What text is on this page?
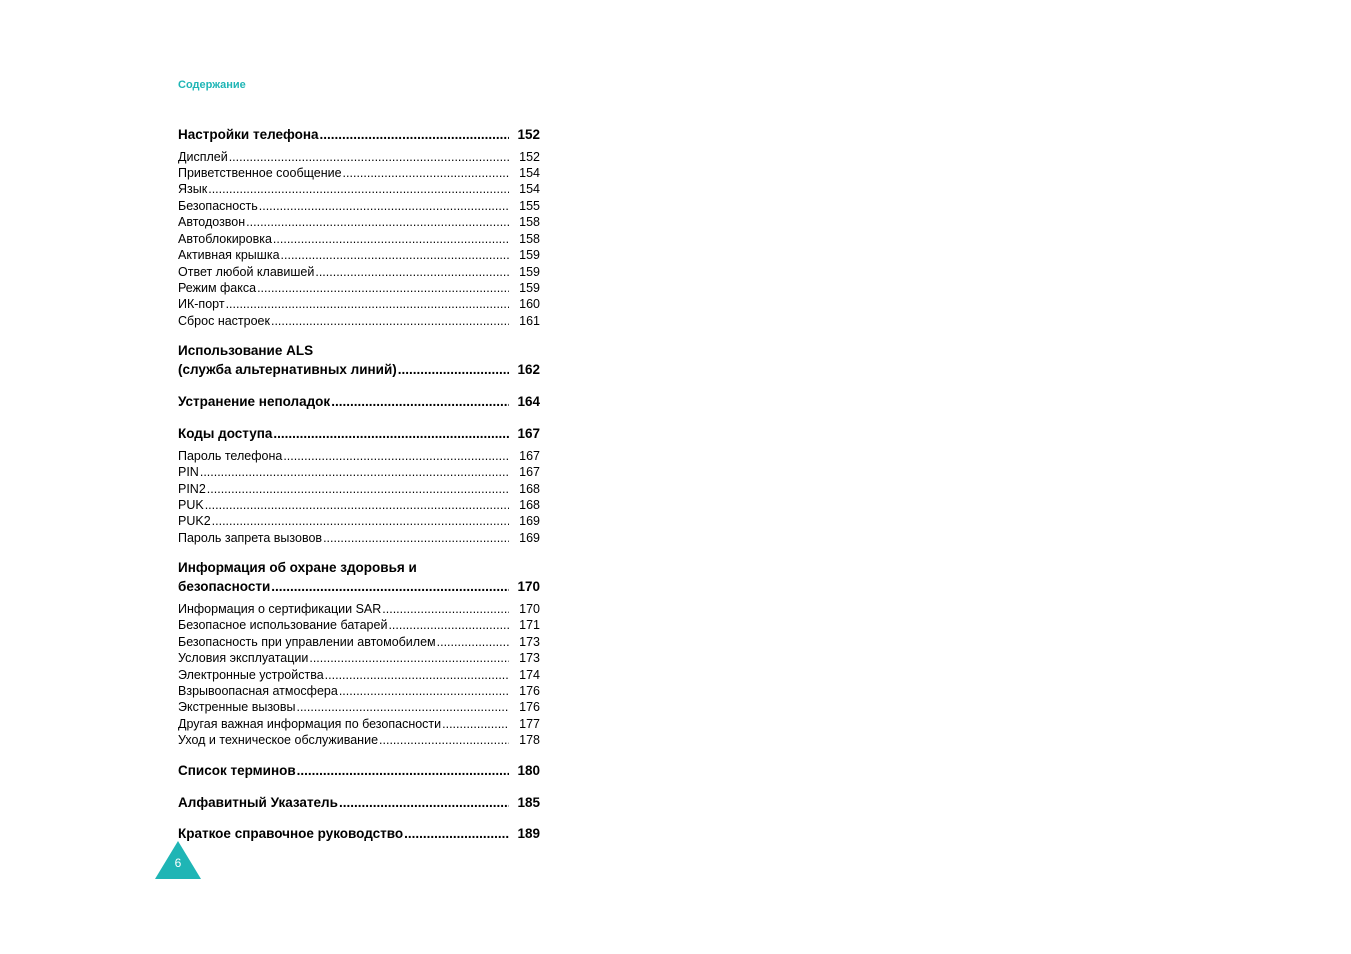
Содержание
Настройки телефона .....	152
Дисплей .....	152
Приветственное сообщение .....	154
Язык .....	154
Безопасность .....	155
Автодозвон .....	158
Автоблокировка .....	158
Активная крышка .....	159
Ответ любой клавишей .....	159
Режим факса .....	159
ИК-порт .....	160
Сброс настроек .....	161
Использование ALS
(служба альтернативных линий) .....	162
Устранение неполадок .....	164
Коды доступа .....	167
Пароль телефона .....	167
PIN .....	167
PIN2 .....	168
PUK .....	168
PUK2 .....	169
Пароль запрета вызовов .....	169
Информация об охране здоровья и
безопасности .....	170
Информация о сертификации SAR .....	170
Безопасное использование батарей .....	171
Безопасность при управлении автомобилем .....	173
Условия эксплуатации .....	173
Электронные устройства .....	174
Взрывоопасная атмосфера .....	176
Экстренные вызовы .....	176
Другая важная информация по безопасности .....	177
Уход и техническое обслуживание .....	178
Список терминов .....	180
Алфавитный Указатель .....	185
Краткое справочное руководство .....	189
6
